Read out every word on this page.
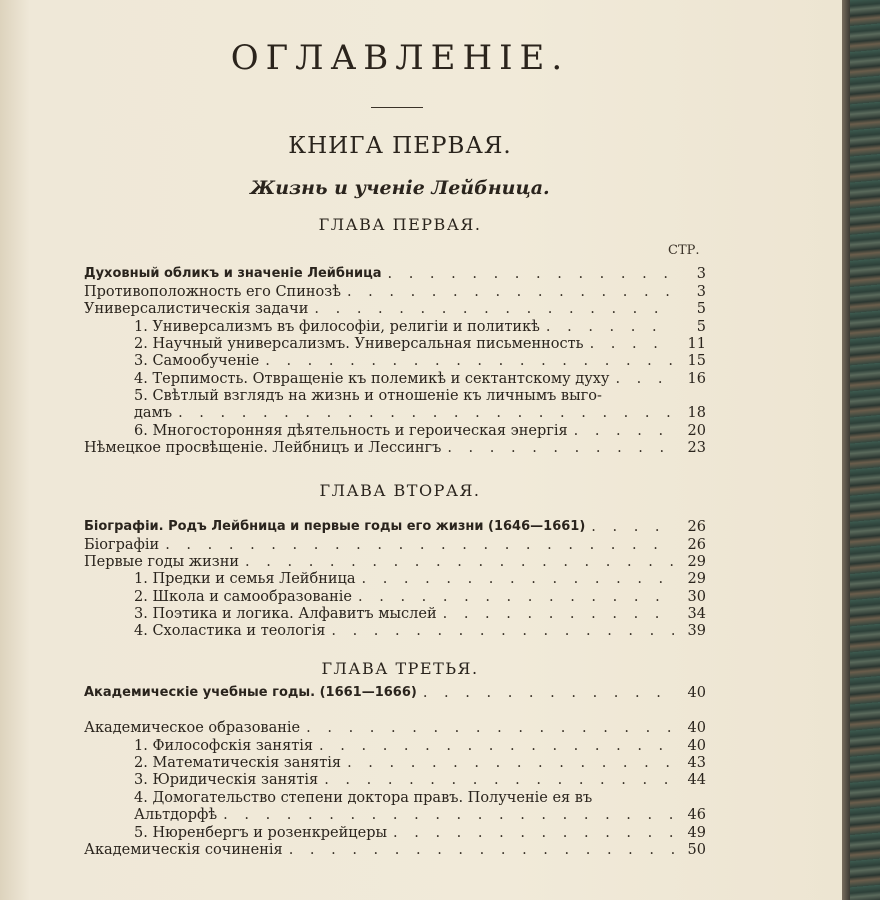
ОГЛАВЛЕНІЕ.
КНИГА ПЕРВАЯ.
Жизнь и ученіе Лейбница.
ГЛАВА ПЕРВАЯ.
СТР.
Духовный обликъ и значеніе Лейбница . . .	3
Противоположность его Спинозѣ . . .	3
Универсалистическія задачи . . .	5
1. Универсализмъ въ философіи, религіи и политикѣ . . .	5
2. Научный универсализмъ. Универсальная письменность . . .	11
3. Самообученіе . . .	15
4. Терпимость. Отвращеніе къ полемикѣ и сектантскому духу . . .	16
5. Свѣтлый взглядъ на жизнь и отношеніе къ личнымъ выго-
дамъ . . .	18
6. Многосторонняя дѣятельность и героическая энергія . . .	20
Нѣмецкое просвѣщеніе. Лейбницъ и Лессингъ . . .	23
ГЛАВА ВТОРАЯ.
Біографіи. Родъ Лейбница и первые годы его жизни (1646—1661) . . .	26
Біографіи . . .	26
Первые годы жизни . . .	29
1. Предки и семья Лейбница . . .	29
2. Школа и самообразованіе . . .	30
3. Поэтика и логика. Алфавитъ мыслей . . .	34
4. Схоластика и теологія . . .	39
ГЛАВА ТРЕТЬЯ.
Академическіе учебные годы. (1661—1666) . . .	40
Академическое образованіе . . .	40
1. Философскія занятія . . .	40
2. Математическія занятія . . .	43
3. Юридическія занятія . . .	44
4. Домогательство степени доктора правъ. Полученіе ея въ
Альтдорфѣ . . .	46
5. Нюренбергъ и розенкрейцеры . . .	49
Академическія сочиненія . . .	50
